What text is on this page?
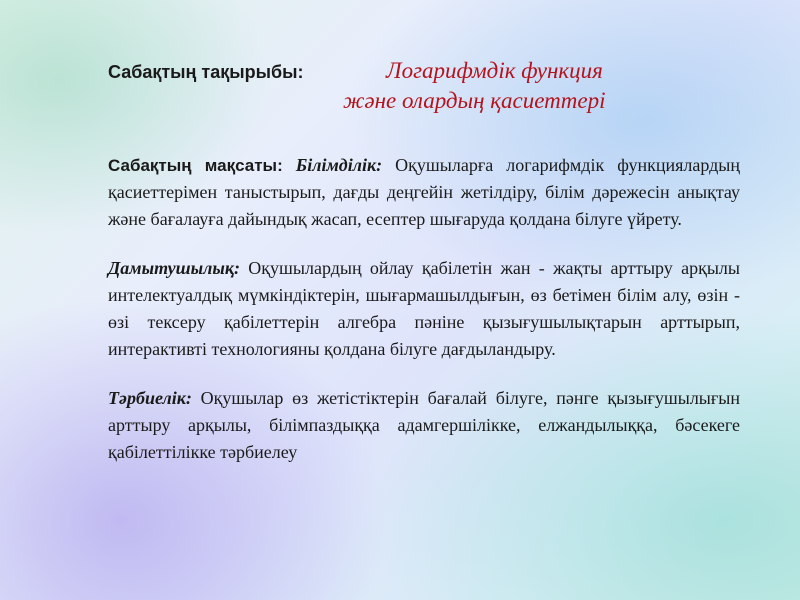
Сабақтың тақырыбы:	Логарифмдік функция
және олардың қасиеттері

Сабақтың мақсаты: Білімділік: Оқушыларға логарифмдік функциялардың қасиеттерімен таныстырып, дағды деңгейін жетілдіру, білім дәрежесін анықтау және бағалауға дайындық жасап, есептер шығаруда қолдана білуге үйрету.

Дамытушылық: Оқушылардың ойлау қабілетін жан - жақты арттыру арқылы интелектуалдық мүмкіндіктерін, шығармашылдығын, өз бетімен білім алу, өзін - өзі тексеру қабілеттерін алгебра пәніне қызығушылықтарын арттырып, интерактивті технологияны қолдана білуге дағдыландыру.

Тәрбиелік: Оқушылар өз жетістіктерін бағалай білуге, пәнге қызығушылығын арттыру арқылы, білімпаздыққа адамгершілікке, елжандылыққа, бәсекеге қабілеттілікке тәрбиелеу
